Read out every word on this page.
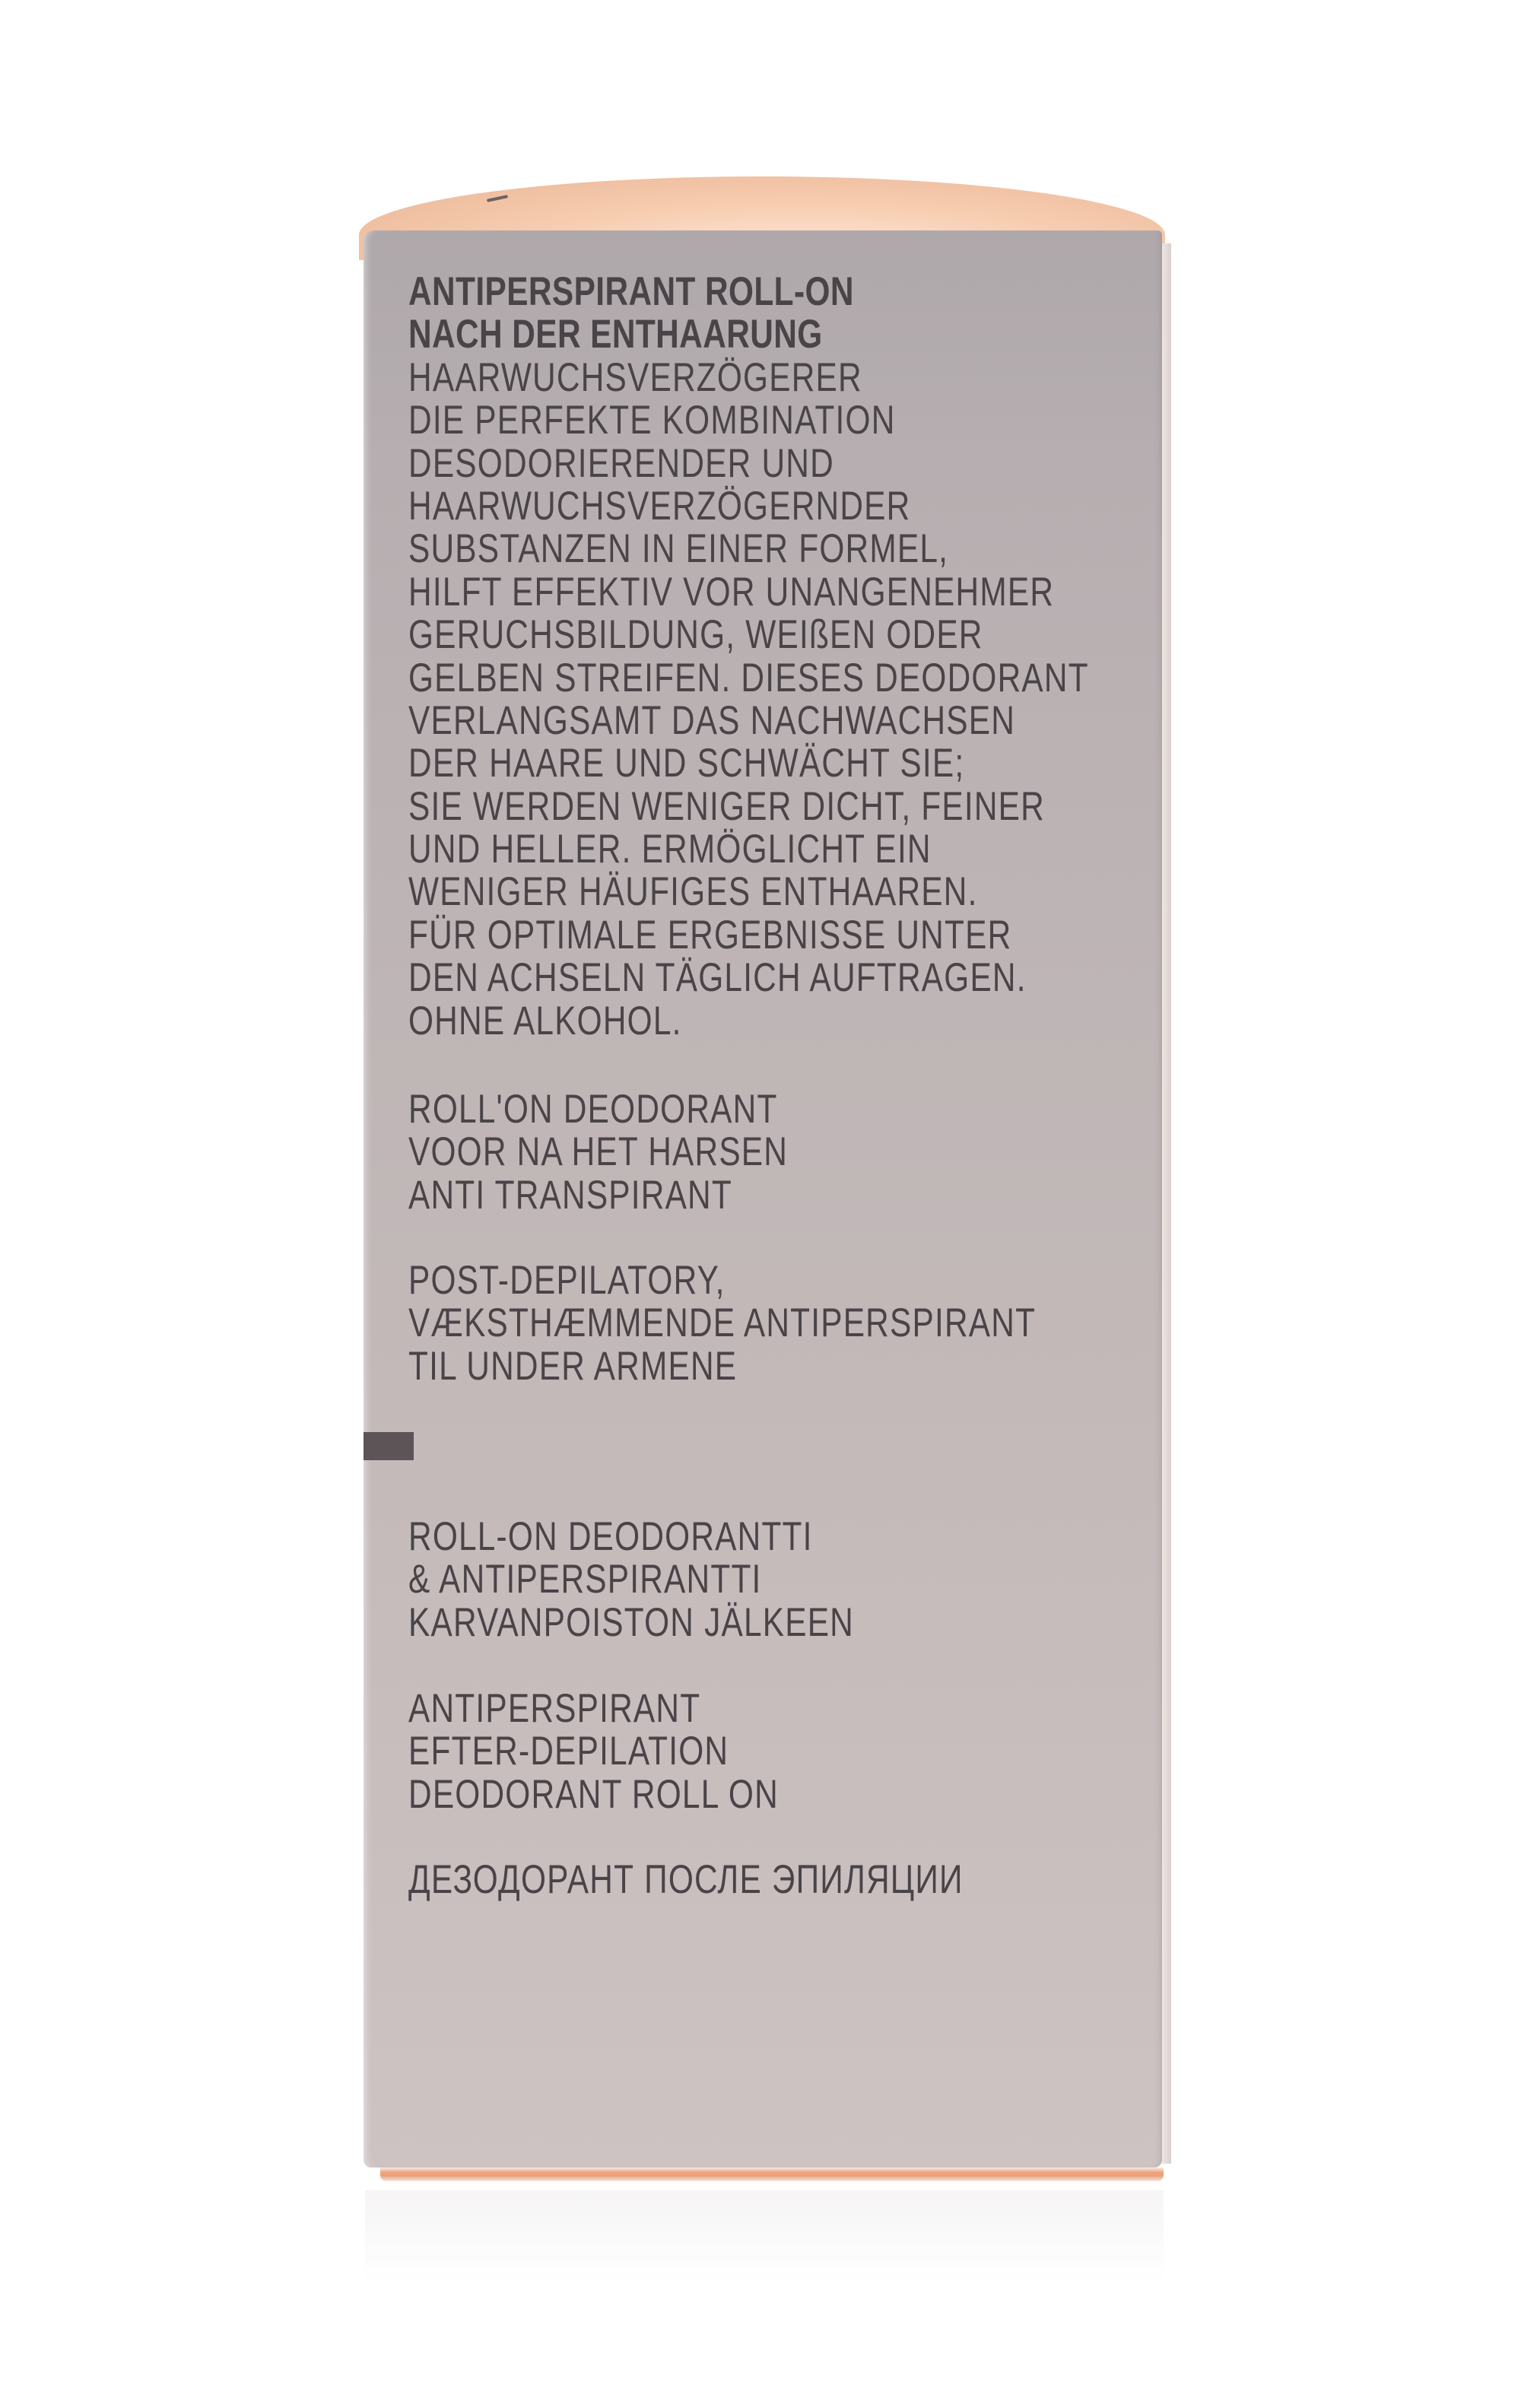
ANTIPERSPIRANT ROLL-ON
NACH DER ENTHAARUNG
HAARWUCHSVERZÖGERER
DIE PERFEKTE KOMBINATION
DESODORIERENDER UND
HAARWUCHSVERZÖGERNDER
SUBSTANZEN IN EINER FORMEL,
HILFT EFFEKTIV VOR UNANGENEHMER
GERUCHSBILDUNG, WEIßEN ODER
GELBEN STREIFEN. DIESES DEODORANT
VERLANGSAMT DAS NACHWACHSEN
DER HAARE UND SCHWÄCHT SIE;
SIE WERDEN WENIGER DICHT, FEINER
UND HELLER. ERMÖGLICHT EIN
WENIGER HÄUFIGES ENTHAAREN.
FÜR OPTIMALE ERGEBNISSE UNTER
DEN ACHSELN TÄGLICH AUFTRAGEN.
OHNE ALKOHOL.
ROLL'ON DEODORANT
VOOR NA HET HARSEN
ANTI TRANSPIRANT
POST-DEPILATORY,
VÆKSTHÆMMENDE ANTIPERSPIRANT
TIL UNDER ARMENE
ROLL-ON DEODORANTTI
& ANTIPERSPIRANTTI
KARVANPOISTON JÄLKEEN
ANTIPERSPIRANT
EFTER-DEPILATION
DEODORANT ROLL ON
ДЕЗОДОРАНТ ПОСЛЕ ЭПИЛЯЦИИ
